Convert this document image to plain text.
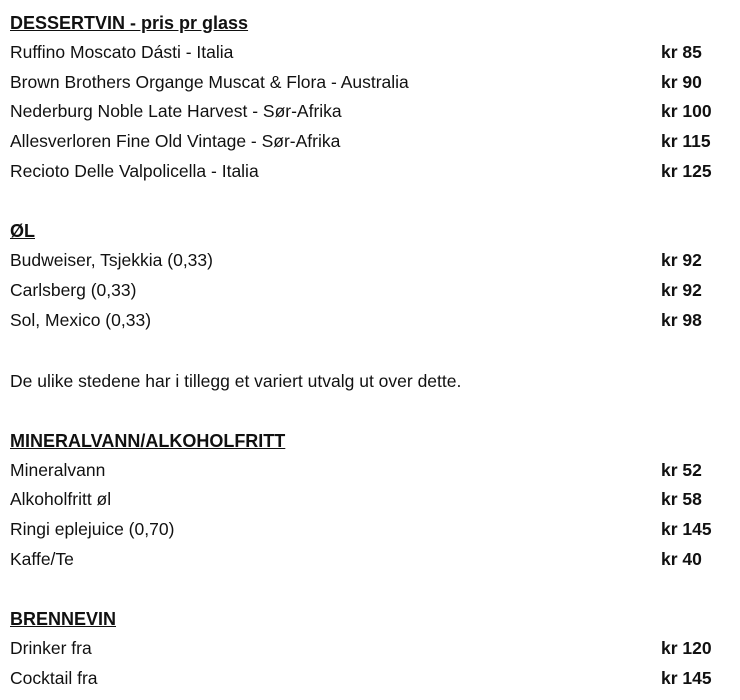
DESSERTVIN - pris pr glass
Ruffino Moscato Dásti - Italia	kr 85
Brown Brothers Organge Muscat & Flora - Australia	kr 90
Nederburg Noble Late Harvest - Sør-Afrika	kr 100
Allesverloren Fine Old Vintage - Sør-Afrika	kr 115
Recioto Delle Valpolicella - Italia	kr 125
ØL
Budweiser, Tsjekkia (0,33)	kr 92
Carlsberg (0,33)	kr 92
Sol, Mexico (0,33)	kr 98
De ulike stedene har i tillegg et variert utvalg ut over dette.
MINERALVANN/ALKOHOLFRITT
Mineralvann	kr 52
Alkoholfritt øl	kr 58
Ringi eplejuice (0,70)	kr 145
Kaffe/Te	kr 40
BRENNEVIN
Drinker fra	kr 120
Cocktail fra	kr 145
